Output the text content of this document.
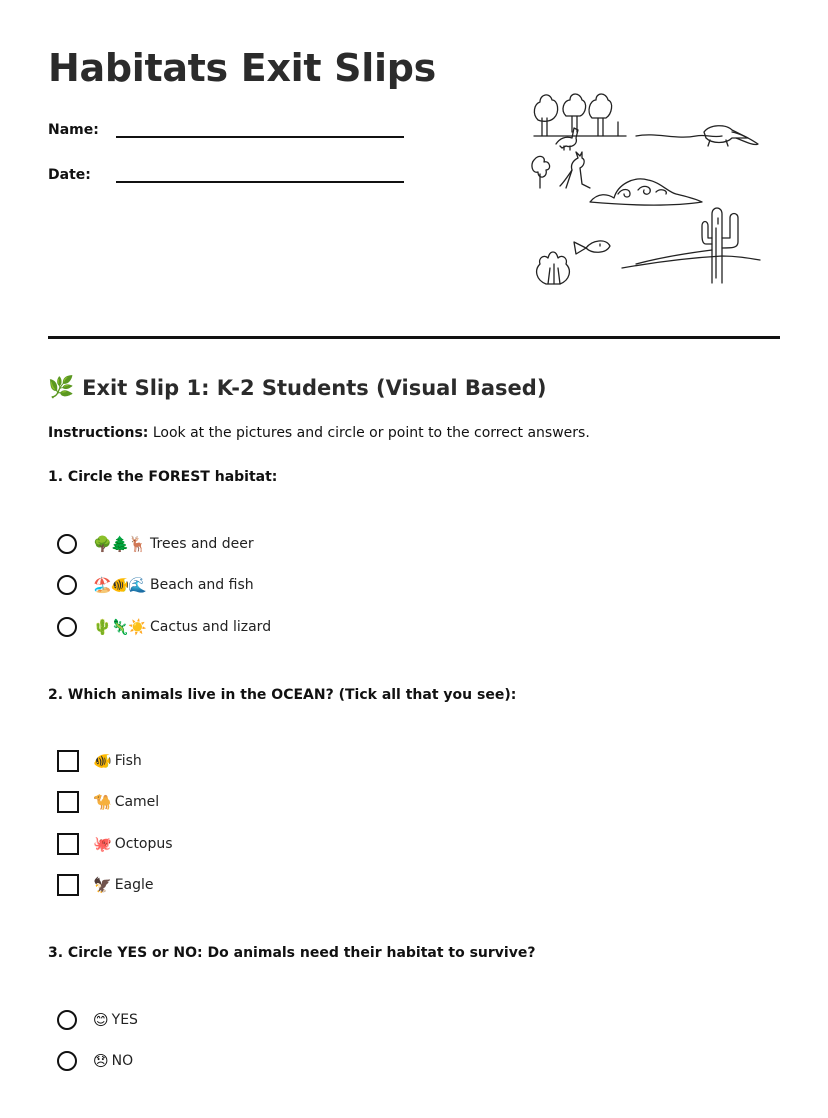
Habitats Exit Slips
Name:
Date:
🌿 Exit Slip 1: K-2 Students (Visual Based)
Instructions: Look at the pictures and circle or point to the correct answers.
1. Circle the FOREST habitat:
🌳🌲🦌 Trees and deer
🏖️🐠🌊 Beach and fish
🌵🦎☀️ Cactus and lizard
2. Which animals live in the OCEAN? (Tick all that you see):
🐠 Fish
🐪 Camel
🐙 Octopus
🦅 Eagle
3. Circle YES or NO: Do animals need their habitat to survive?
😊 YES
😞 NO
